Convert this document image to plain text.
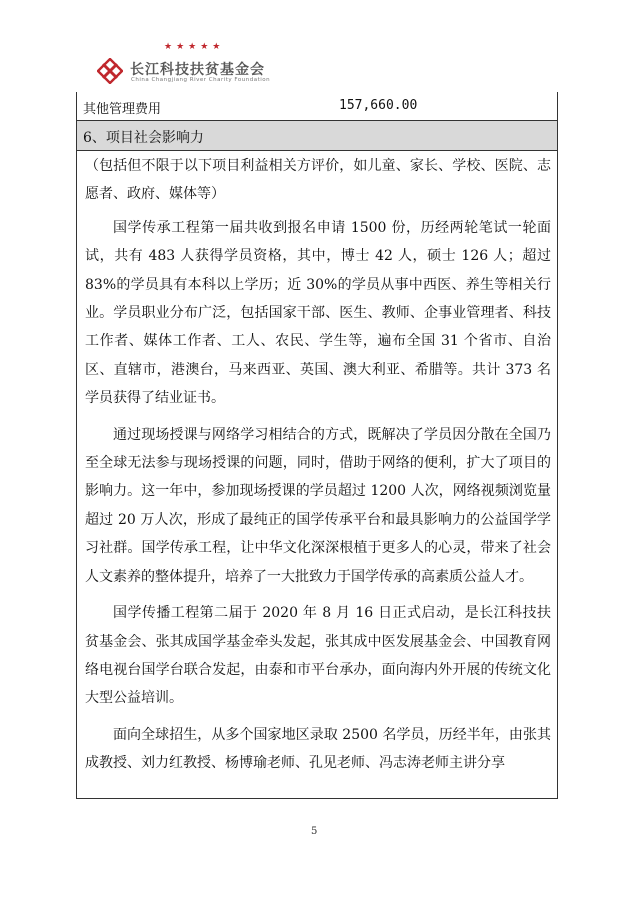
★★★★★
长江科技扶贫基金会
China Changjiang River Charity Foundation
其他管理费用	157,660.00
6、项目社会影响力

（包括但不限于以下项目利益相关方评价，如儿童、家长、学校、医院、志愿者、政府、媒体等）

国学传承工程第一届共收到报名申请 1500 份，历经两轮笔试一轮面试，共有 483 人获得学员资格，其中，博士 42 人，硕士 126 人；超过 83%的学员具有本科以上学历；近 30%的学员从事中西医、养生等相关行业。学员职业分布广泛，包括国家干部、医生、教师、企事业管理者、科技工作者、媒体工作者、工人、农民、学生等，遍布全国 31 个省市、自治区、直辖市，港澳台，马来西亚、英国、澳大利亚、希腊等。共计 373 名学员获得了结业证书。

通过现场授课与网络学习相结合的方式，既解决了学员因分散在全国乃至全球无法参与现场授课的问题，同时，借助于网络的便利，扩大了项目的影响力。这一年中，参加现场授课的学员超过 1200 人次，网络视频浏览量超过 20 万人次，形成了最纯正的国学传承平台和最具影响力的公益国学学习社群。国学传承工程，让中华文化深深根植于更多人的心灵，带来了社会人文素养的整体提升，培养了一大批致力于国学传承的高素质公益人才。

国学传播工程第二届于 2020 年 8 月 16 日正式启动，是长江科技扶贫基金会、张其成国学基金牵头发起，张其成中医发展基金会、中国教育网络电视台国学台联合发起，由泰和市平台承办，面向海内外开展的传统文化大型公益培训。

面向全球招生，从多个国家地区录取 2500 名学员，历经半年，由张其成教授、刘力红教授、杨博瑜老师、孔见老师、冯志涛老师主讲分享

5
